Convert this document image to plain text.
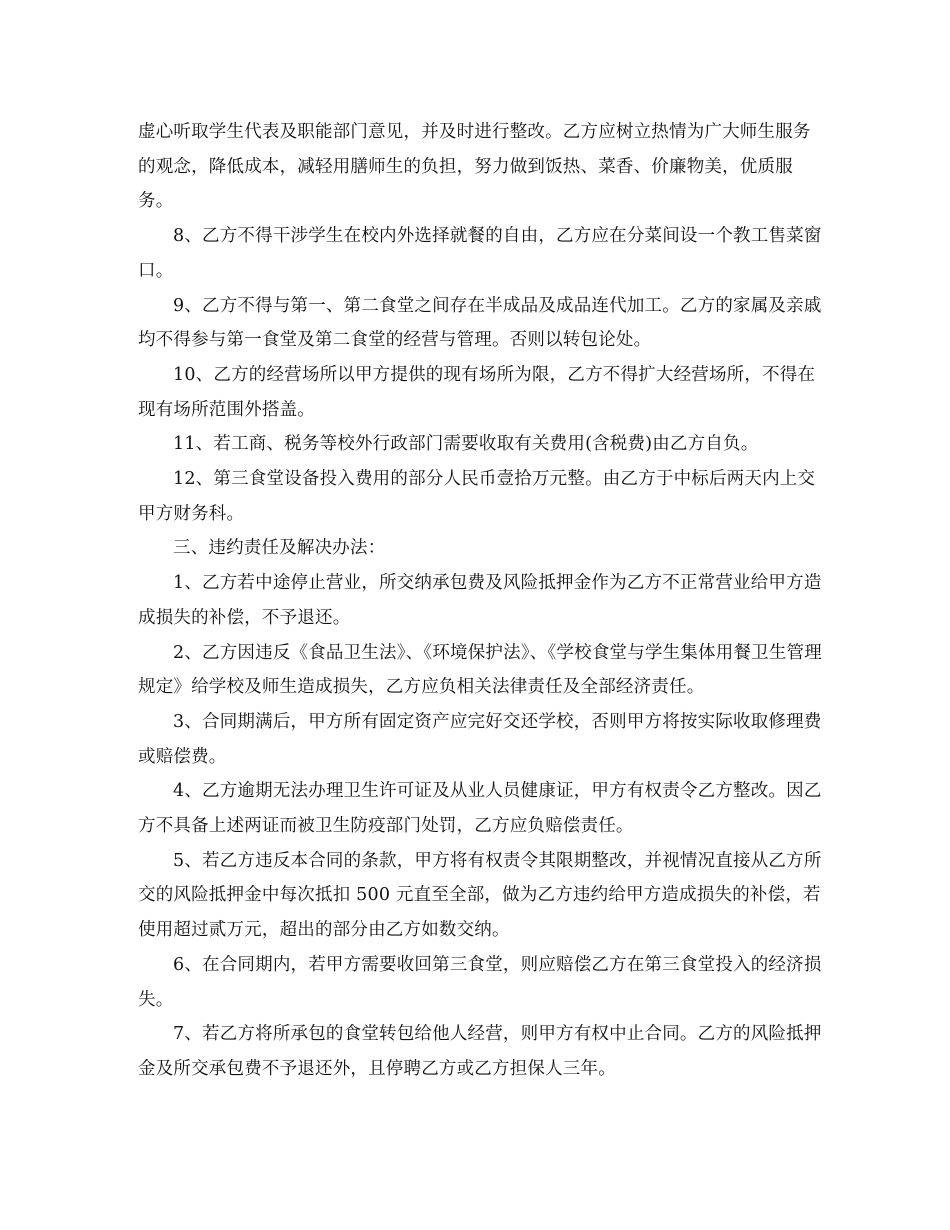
虚心听取学生代表及职能部门意见，并及时进行整改。乙方应树立热情为广大师生服务的观念，降低成本，减轻用膳师生的负担，努力做到饭热、菜香、价廉物美，优质服务。

8、乙方不得干涉学生在校内外选择就餐的自由，乙方应在分菜间设一个教工售菜窗口。

9、乙方不得与第一、第二食堂之间存在半成品及成品连代加工。乙方的家属及亲戚均不得参与第一食堂及第二食堂的经营与管理。否则以转包论处。

10、乙方的经营场所以甲方提供的现有场所为限，乙方不得扩大经营场所，不得在现有场所范围外搭盖。

11、若工商、税务等校外行政部门需要收取有关费用(含税费)由乙方自负。

12、第三食堂设备投入费用的部分人民币壹拾万元整。由乙方于中标后两天内上交甲方财务科。

三、违约责任及解决办法：

1、乙方若中途停止营业，所交纳承包费及风险抵押金作为乙方不正常营业给甲方造成损失的补偿，不予退还。

2、乙方因违反《食品卫生法》、《环境保护法》、《学校食堂与学生集体用餐卫生管理规定》给学校及师生造成损失，乙方应负相关法律责任及全部经济责任。

3、合同期满后，甲方所有固定资产应完好交还学校，否则甲方将按实际收取修理费或赔偿费。

4、乙方逾期无法办理卫生许可证及从业人员健康证，甲方有权责令乙方整改。因乙方不具备上述两证而被卫生防疫部门处罚，乙方应负赔偿责任。

5、若乙方违反本合同的条款，甲方将有权责令其限期整改，并视情况直接从乙方所交的风险抵押金中每次抵扣 500 元直至全部，做为乙方违约给甲方造成损失的补偿，若使用超过贰万元，超出的部分由乙方如数交纳。

6、在合同期内，若甲方需要收回第三食堂，则应赔偿乙方在第三食堂投入的经济损失。

7、若乙方将所承包的食堂转包给他人经营，则甲方有权中止合同。乙方的风险抵押金及所交承包费不予退还外，且停聘乙方或乙方担保人三年。
